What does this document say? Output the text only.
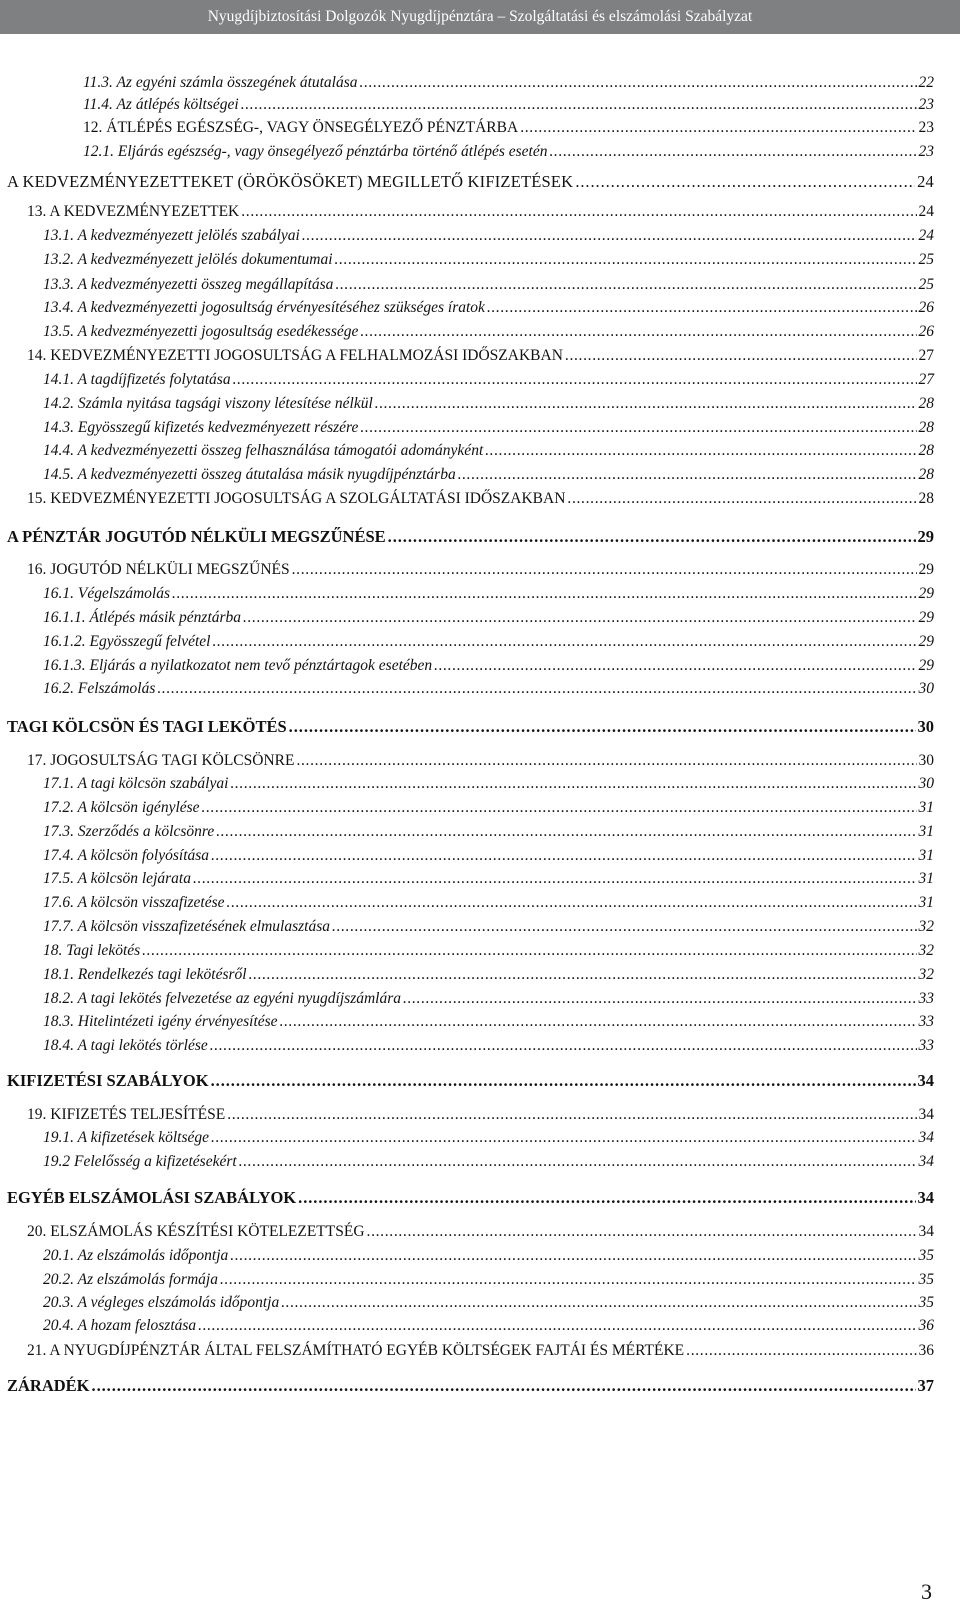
Nyugdíjbiztosítási Dolgozók Nyugdíjpénztára – Szolgáltatási és elszámolási Szabályzat
11.3. Az egyéni számla összegének átutalása . . .	22
11.4. Az átlépés költségei . . .	23
12. ÁTLÉPÉS EGÉSZSÉG-, VAGY ÖNSEGÉLYEZŐ PÉNZTÁRBA . . .	23
12.1. Eljárás egészség-, vagy önsegélyező pénztárba történő átlépés esetén . . .	23
A KEDVEZMÉNYEZETTEKET (ÖRÖKÖSÖKET) MEGILLETŐ KIFIZETÉSEK . . .	24
13. A KEDVEZMÉNYEZETTEK . . .	24
13.1. A kedvezményezett jelölés szabályai . . .	24
13.2. A kedvezményezett jelölés dokumentumai . . .	25
13.3. A kedvezményezetti összeg megállapítása . . .	25
13.4. A kedvezményezetti jogosultság érvényesítéséhez szükséges íratok . . .	26
13.5. A kedvezményezetti jogosultság esedékessége . . .	26
14. KEDVEZMÉNYEZETTI JOGOSULTSÁG A FELHALMOZÁSI IDŐSZAKBAN . . .	27
14.1. A tagdíjfizetés folytatása . . .	27
14.2. Számla nyitása tagsági viszony létesítése nélkül . . .	28
14.3. Egyösszegű kifizetés kedvezményezett részére . . .	28
14.4. A kedvezményezetti összeg felhasználása támogatói adományként . . .	28
14.5. A kedvezményezetti összeg átutalása másik nyugdíjpénztárba . . .	28
15. KEDVEZMÉNYEZETTI JOGOSULTSÁG A SZOLGÁLTATÁSI IDŐSZAKBAN . . .	28
A PÉNZTÁR JOGUTÓD NÉLKÜLI MEGSZŰNÉSE . . .	29
16. JOGUTÓD NÉLKÜLI MEGSZŰNÉS . . .	29
16.1. Végelszámolás . . .	29
16.1.1. Átlépés másik pénztárba . . .	29
16.1.2. Egyösszegű felvétel . . .	29
16.1.3. Eljárás a nyilatkozatot nem tevő pénztártagok esetében . . .	29
16.2. Felszámolás . . .	30
TAGI KÖLCSÖN ÉS TAGI LEKÖTÉS . . .	30
17. JOGOSULTSÁG TAGI KÖLCSÖNRE . . .	30
17.1. A tagi kölcsön szabályai . . .	30
17.2. A kölcsön igénylése . . .	31
17.3. Szerződés a kölcsönre . . .	31
17.4. A kölcsön folyósítása . . .	31
17.5. A kölcsön lejárata . . .	31
17.6. A kölcsön visszafizetése . . .	31
17.7. A kölcsön visszafizetésének elmulasztása . . .	32
18. Tagi lekötés . . .	32
18.1. Rendelkezés tagi lekötésről . . .	32
18.2. A tagi lekötés felvezetése az egyéni nyugdíjszámlára . . .	33
18.3. Hitelintézeti igény érvényesítése . . .	33
18.4. A tagi lekötés törlése . . .	33
KIFIZETÉSI SZABÁLYOK . . .	34
19. KIFIZETÉS TELJESÍTÉSE . . .	34
19.1. A kifizetések költsége . . .	34
19.2 Felelősség a kifizetésekért . . .	34
EGYÉB ELSZÁMOLÁSI SZABÁLYOK . . .	34
20. ELSZÁMOLÁS KÉSZÍTÉSI KÖTELEZETTSÉG . . .	34
20.1. Az elszámolás időpontja . . .	35
20.2. Az elszámolás formája . . .	35
20.3. A végleges elszámolás időpontja . . .	35
20.4. A hozam felosztása . . .	36
21. A NYUGDÍJPÉNZTÁR ÁLTAL FELSZÁMÍTHATÓ EGYÉB KÖLTSÉGEK FAJTÁI ÉS MÉRTÉKE . . .	36
ZÁRADÉK . . .	37
3
